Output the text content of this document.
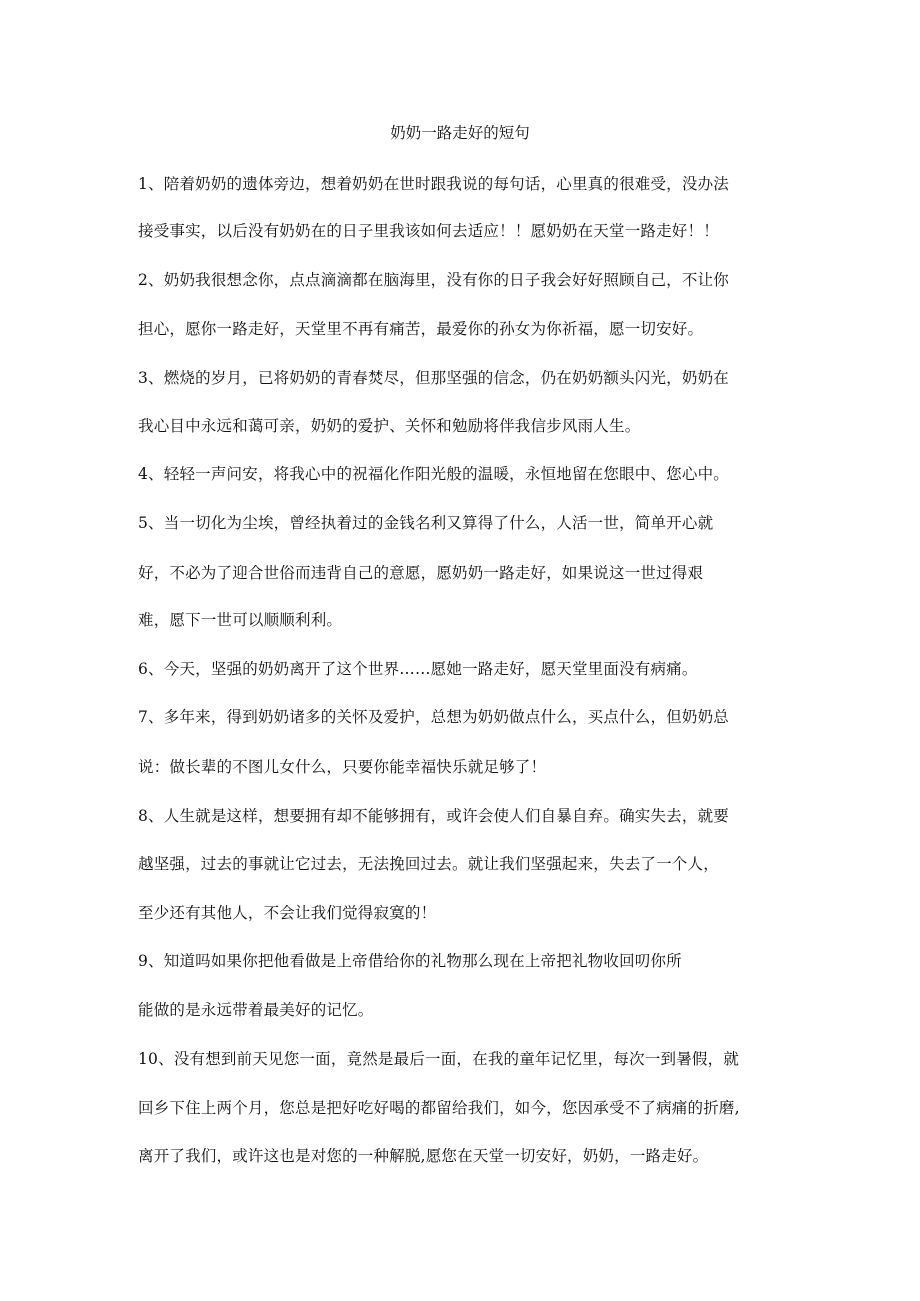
奶奶一路走好的短句
1、陪着奶奶的遗体旁边，想着奶奶在世时跟我说的每句话，心里真的很难受，没办法
接受事实，以后没有奶奶在的日子里我该如何去适应！！愿奶奶在天堂一路走好！！
2、奶奶我很想念你，点点滴滴都在脑海里，没有你的日子我会好好照顾自己，不让你
担心，愿你一路走好，天堂里不再有痛苦，最爱你的孙女为你祈福，愿一切安好。
3、燃烧的岁月，已将奶奶的青春焚尽，但那坚强的信念，仍在奶奶额头闪光，奶奶在
我心目中永远和蔼可亲，奶奶的爱护、关怀和勉励将伴我信步风雨人生。
4、轻轻一声问安，将我心中的祝福化作阳光般的温暖，永恒地留在您眼中、您心中。
5、当一切化为尘埃，曾经执着过的金钱名利又算得了什么，人活一世，简单开心就
好，不必为了迎合世俗而违背自己的意愿，愿奶奶一路走好，如果说这一世过得艰
难，愿下一世可以顺顺利利。
6、今天，坚强的奶奶离开了这个世界……愿她一路走好，愿天堂里面没有病痛。
7、多年来，得到奶奶诸多的关怀及爱护，总想为奶奶做点什么，买点什么，但奶奶总
说：做长辈的不图儿女什么，只要你能幸福快乐就足够了！
8、人生就是这样，想要拥有却不能够拥有，或许会使人们自暴自弃。确实失去，就要
越坚强，过去的事就让它过去，无法挽回过去。就让我们坚强起来，失去了一个人，
至少还有其他人，不会让我们觉得寂寞的！
9、知道吗如果你把他看做是上帝借给你的礼物那么现在上帝把礼物收回叨你所
能做的是永远带着最美好的记忆。
10、没有想到前天见您一面，竟然是最后一面，在我的童年记忆里，每次一到暑假，就
回乡下住上两个月，您总是把好吃好喝的都留给我们，如今，您因承受不了病痛的折磨,
离开了我们，或许这也是对您的一种解脱,愿您在天堂一切安好，奶奶，一路走好。
